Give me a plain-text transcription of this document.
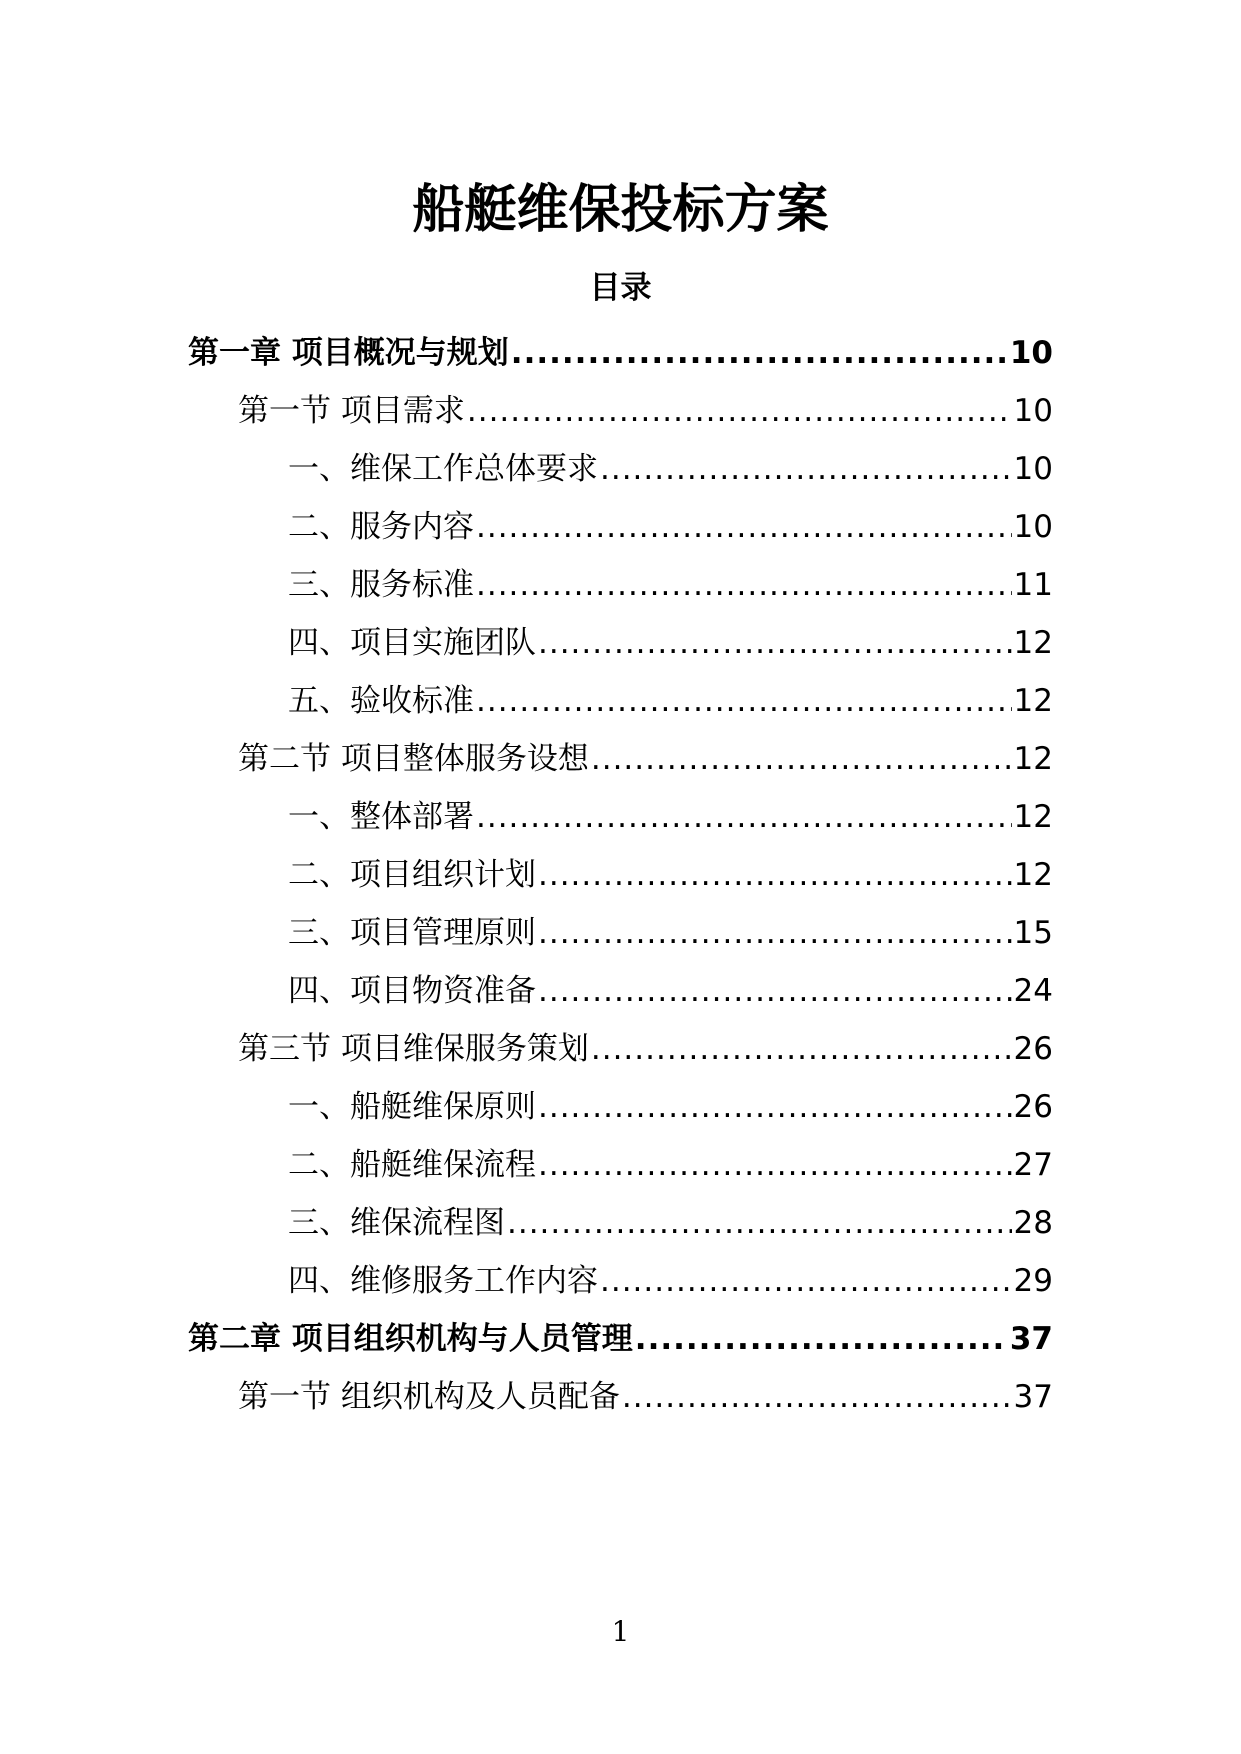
船艇维保投标方案
目录
第一章 项目概况与规划 .....	10
第一节 项目需求 .....	10
一、维保工作总体要求 .....	10
二、服务内容 .....	10
三、服务标准 .....	11
四、项目实施团队 .....	12
五、验收标准 .....	12
第二节 项目整体服务设想 .....	12
一、整体部署 .....	12
二、项目组织计划 .....	12
三、项目管理原则 .....	15
四、项目物资准备 .....	24
第三节 项目维保服务策划 .....	26
一、船艇维保原则 .....	26
二、船艇维保流程 .....	27
三、维保流程图 .....	28
四、维修服务工作内容 .....	29
第二章 项目组织机构与人员管理 .....	37
第一节 组织机构及人员配备 .....	37
1
